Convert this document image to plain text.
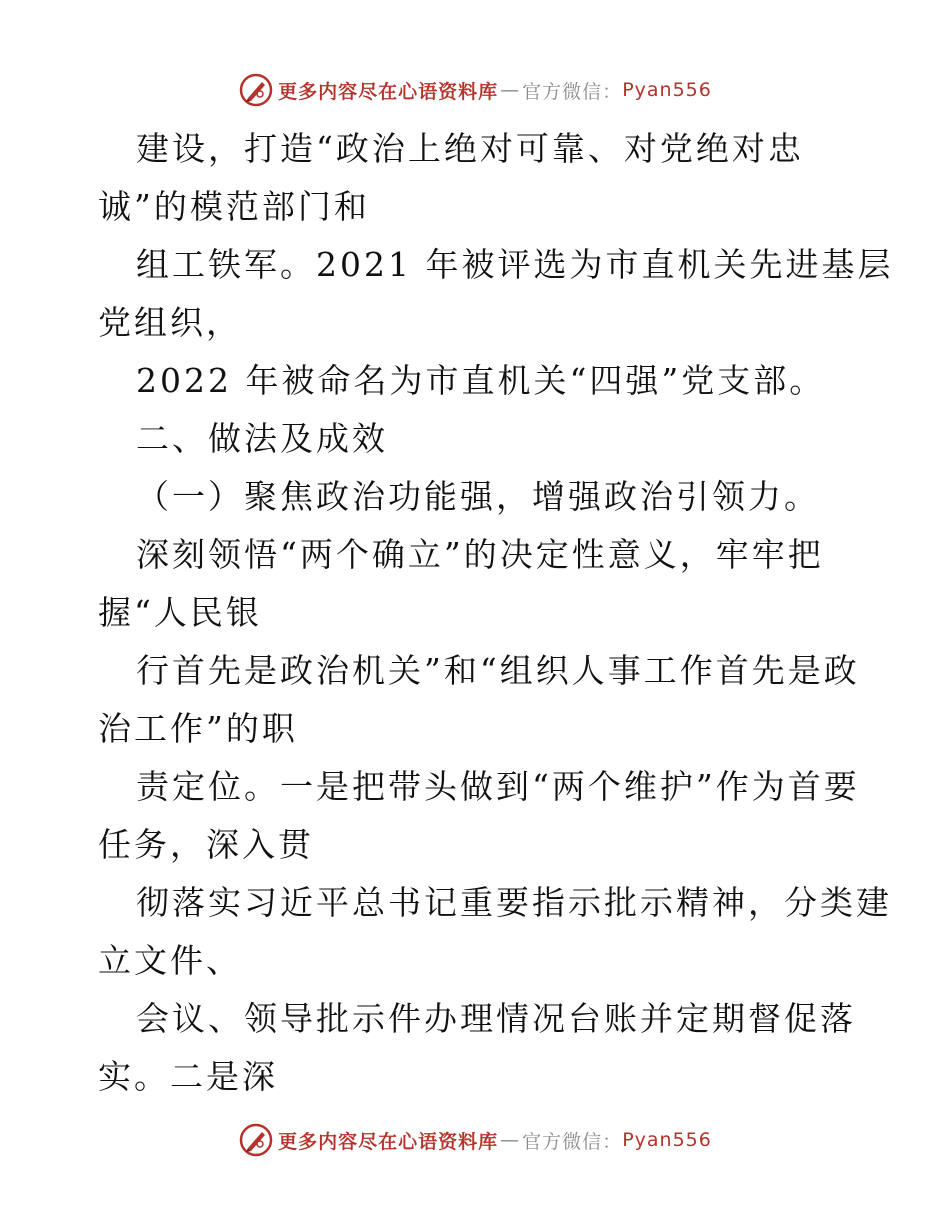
更多内容尽在心语资料库 — 官方微信： Pyan556
建设，打造“政治上绝对可靠、对党绝对忠
诚”的模范部门和
组工铁军。2021 年被评选为市直机关先进基层
党组织，
2022 年被命名为市直机关“四强”党支部。
二、做法及成效
（一）聚焦政治功能强，增强政治引领力。
深刻领悟“两个确立”的决定性意义，牢牢把
握“人民银
行首先是政治机关”和“组织人事工作首先是政
治工作”的职
责定位。一是把带头做到“两个维护”作为首要
任务，深入贯
彻落实习近平总书记重要指示批示精神，分类建
立文件、
会议、领导批示件办理情况台账并定期督促落
实。二是深
更多内容尽在心语资料库 — 官方微信： Pyan556
